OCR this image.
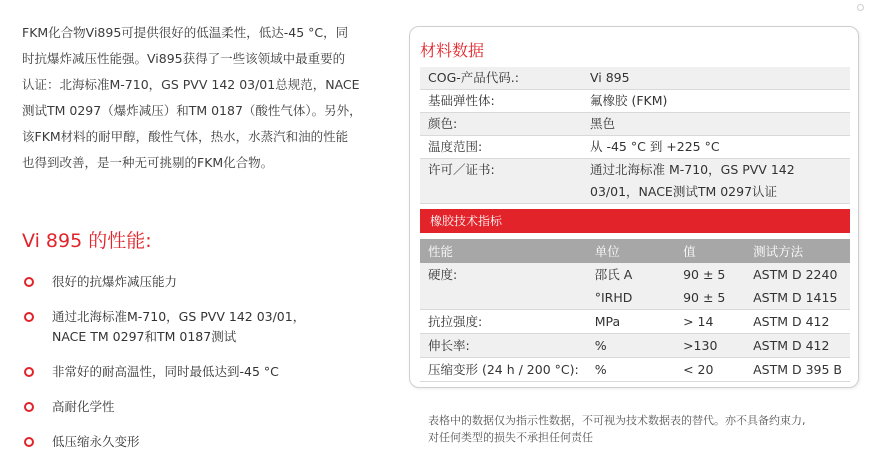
FKM化合物Vi895可提供很好的低温柔性，低达-45 °C，同

时抗爆炸减压性能强。Vi895获得了一些该领域中最重要的

认证：北海标准M-710，GS PVV 142 03/01总规范，NACE

测试TM 0297（爆炸减压）和TM 0187（酸性气体）。另外，

该FKM材料的耐甲醇，酸性气体，热水，水蒸汽和油的性能

也得到改善，是一种无可挑剔的FKM化合物。

Vi 895 的性能:
很好的抗爆炸减压能力
通过北海标准M-710，GS PVV 142 03/01，
NACE TM 0297和TM 0187测试
非常好的耐高温性，同时最低达到-45 °C
高耐化学性
低压缩永久变形
材料数据
COG-产品代码.:	Vi 895
基础弹性体:	氟橡胶 (FKM)
颜色:	黑色
温度范围:	从 -45 °C 到 +225 °C
许可／证书:	通过北海标准 M-710，GS PVV 142
03/01，NACE测试TM 0297认证
橡胶技术指标
性能	单位	值	测试方法
硬度:	邵氏 A	90 ± 5	ASTM D 2240
	°IRHD	90 ± 5	ASTM D 1415
抗拉强度:	MPa	> 14	ASTM D 412
伸长率:	%	>130	ASTM D 412
压缩变形 (24 h / 200 °C):	%	< 20	ASTM D 395 B
表格中的数据仅为指示性数据，不可视为技术数据表的替代。亦不具备约束力,
对任何类型的损失不承担任何责任
